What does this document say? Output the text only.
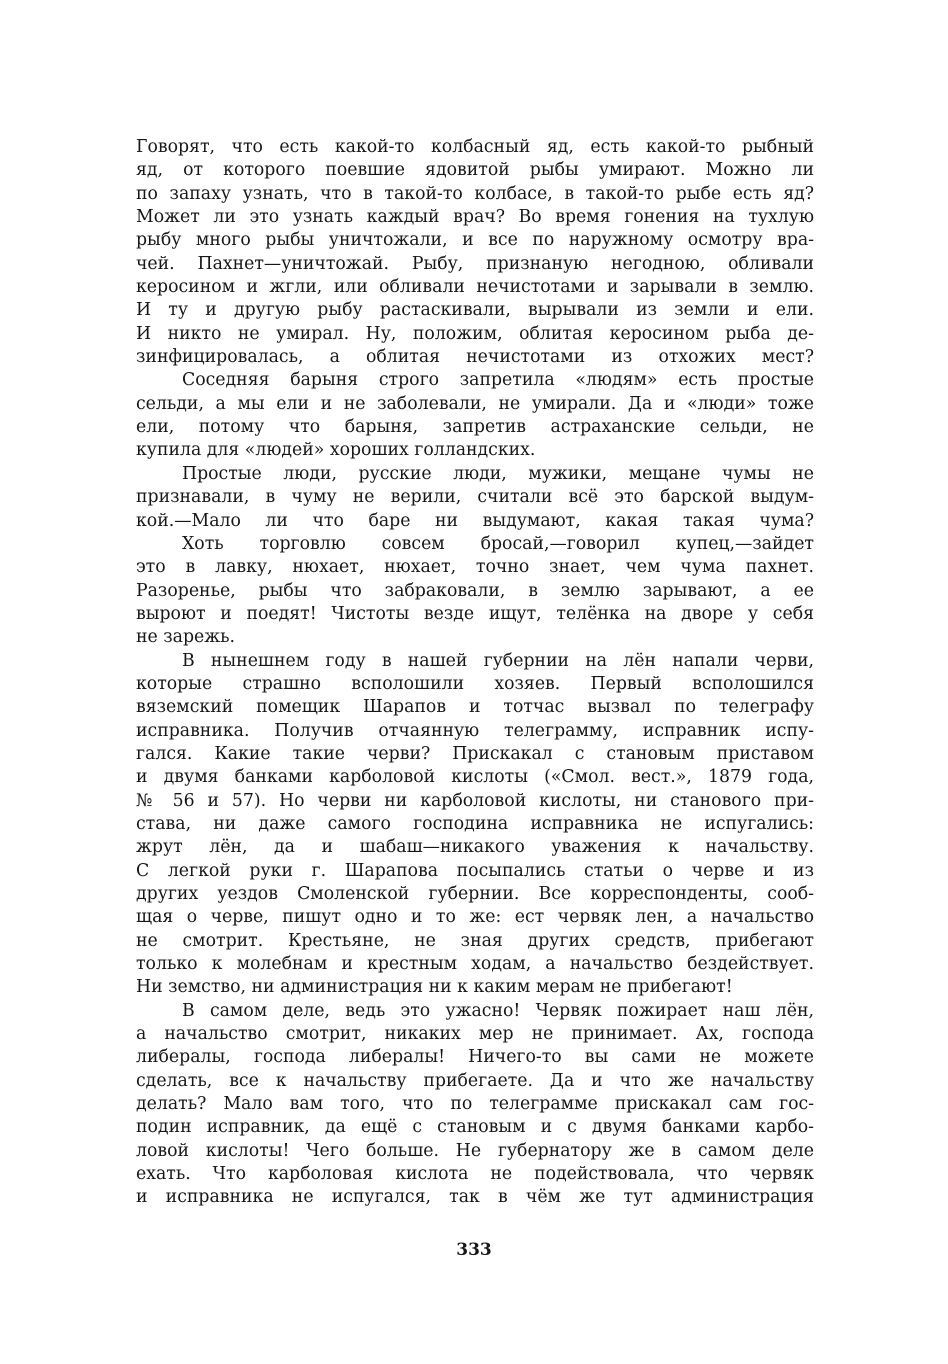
Говорят, что есть какой-то колбасный яд, есть какой-то рыбный
яд, от которого поевшие ядовитой рыбы умирают. Можно ли
по запаху узнать, что в такой-то колбасе, в такой-то рыбе есть яд?
Может ли это узнать каждый врач? Во время гонения на тухлую
рыбу много рыбы уничтожали, и все по наружному осмотру вра-
чей. Пахнет—уничтожай. Рыбу, признаную негодною, обливали
керосином и жгли, или обливали нечистотами и зарывали в землю.
И ту и другую рыбу растаскивали, вырывали из земли и ели.
И никто не умирал. Ну, положим, облитая керосином рыба де-
зинфицировалась, а облитая нечистотами из отхожих мест?
Соседняя барыня строго запретила «людям» есть простые
сельди, а мы ели и не заболевали, не умирали. Да и «люди» тоже
ели, потому что барыня, запретив астраханские сельди, не
купила для «людей» хороших голландских.
Простые люди, русские люди, мужики, мещане чумы не
признавали, в чуму не верили, считали всё это барской выдум-
кой.—Мало ли что баре ни выдумают, какая такая чума?
Хоть торговлю совсем бросай,—говорил купец,—зайдет
это в лавку, нюхает, нюхает, точно знает, чем чума пахнет.
Разоренье, рыбы что забраковали, в землю зарывают, а ее
выроют и поедят! Чистоты везде ищут, телёнка на дворе у себя
не зарежь.
В нынешнем году в нашей губернии на лён напали черви,
которые страшно всполошили хозяев. Первый всполошился
вяземский помещик Шарапов и тотчас вызвал по телеграфу
исправника. Получив отчаянную телеграмму, исправник испу-
гался. Какие такие черви? Прискакал с становым приставом
и двумя банками карболовой кислоты («Смол. вест.», 1879 года,
№ 56 и 57). Но черви ни карболовой кислоты, ни станового при-
става, ни даже самого господина исправника не испугались:
жрут лён, да и шабаш—никакого уважения к начальству.
С легкой руки г. Шарапова посыпались статьи о черве и из
других уездов Смоленской губернии. Все корреспонденты, сооб-
щая о черве, пишут одно и то же: ест червяк лен, а начальство
не смотрит. Крестьяне, не зная других средств, прибегают
только к молебнам и крестным ходам, а начальство бездействует.
Ни земство, ни администрация ни к каким мерам не прибегают!
В самом деле, ведь это ужасно! Червяк пожирает наш лён,
а начальство смотрит, никаких мер не принимает. Ах, господа
либералы, господа либералы! Ничего-то вы сами не можете
сделать, все к начальству прибегаете. Да и что же начальству
делать? Мало вам того, что по телеграмме прискакал сам гос-
подин исправник, да ещё с становым и с двумя банками карбо-
ловой кислоты! Чего больше. Не губернатору же в самом деле
ехать. Что карболовая кислота не подействовала, что червяк
и исправника не испугался, так в чём же тут администрация
333
